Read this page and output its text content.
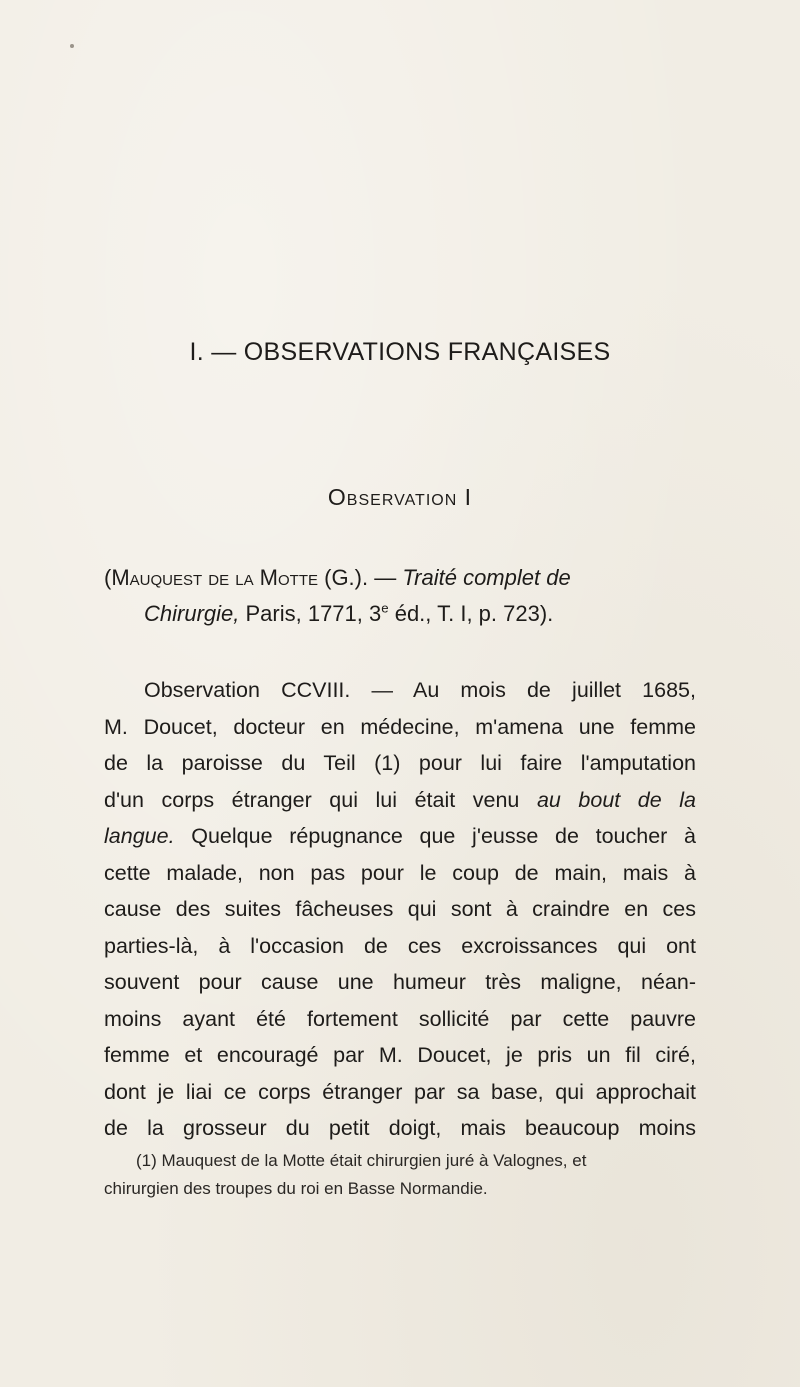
I. — OBSERVATIONS FRANÇAISES
Observation I
(Mauquest de la Motte (G.). — Traité complet de
Chirurgie, Paris, 1771, 3e éd., T. I, p. 723).
Observation CCVIII. — Au mois de juillet 1685,
M. Doucet, docteur en médecine, m'amena une femme
de la paroisse du Teil (1) pour lui faire l'amputation
d'un corps étranger qui lui était venu au bout de la
langue. Quelque répugnance que j'eusse de toucher à
cette malade, non pas pour le coup de main, mais à
cause des suites fâcheuses qui sont à craindre en ces
parties-là, à l'occasion de ces excroissances qui ont
souvent pour cause une humeur très maligne, néan-
moins ayant été fortement sollicité par cette pauvre
femme et encouragé par M. Doucet, je pris un fil ciré,
dont je liai ce corps étranger par sa base, qui approchait
de la grosseur du petit doigt, mais beaucoup moins
(1) Mauquest de la Motte était chirurgien juré à Valognes, et
chirurgien des troupes du roi en Basse Normandie.
